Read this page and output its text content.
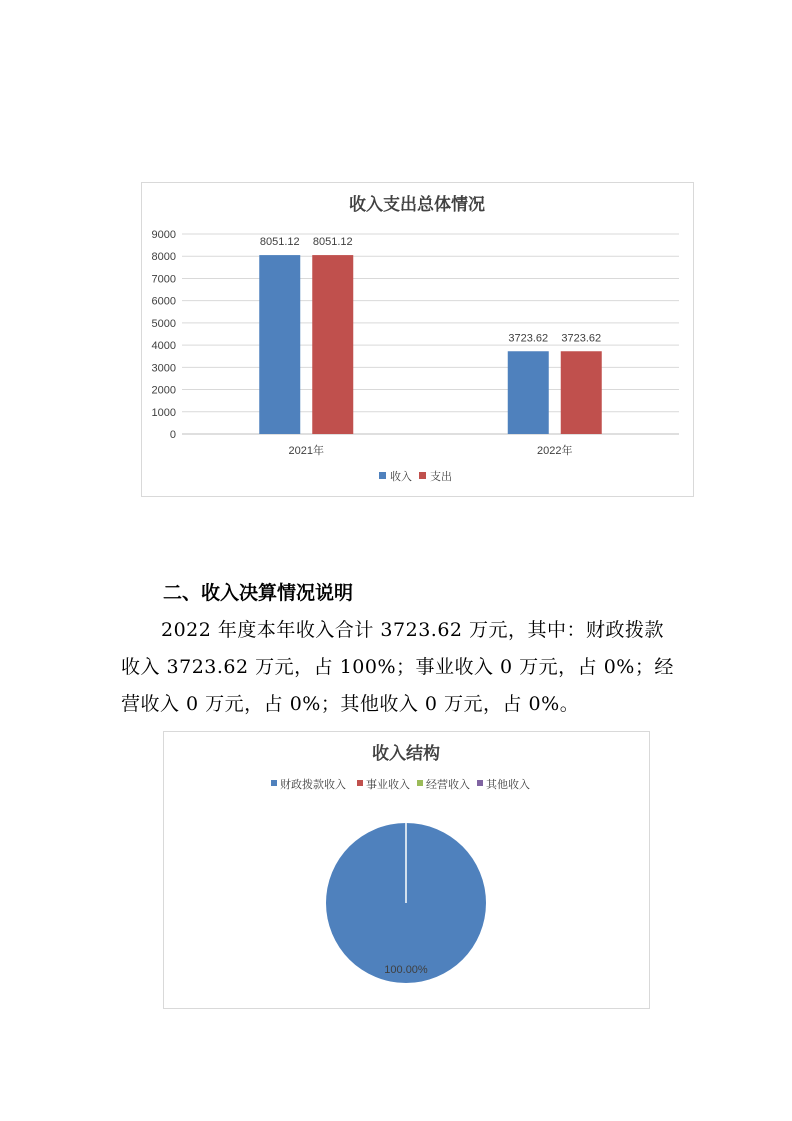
收入支出总体情况
0
1000
2000
3000
4000
5000
6000
7000
8000
9000
8051.12 8051.12
3723.62 3723.62
2021年	2022年
收入 支出
二、收入决算情况说明
2022 年度本年收入合计 3723.62 万元，其中：财政拨款
收入 3723.62 万元，占 100%；事业收入 0 万元，占 0%；经
营收入 0 万元，占 0%；其他收入 0 万元，占 0%。
收入结构
财政拨款收入 事业收入 经营收入 其他收入
100.00%
